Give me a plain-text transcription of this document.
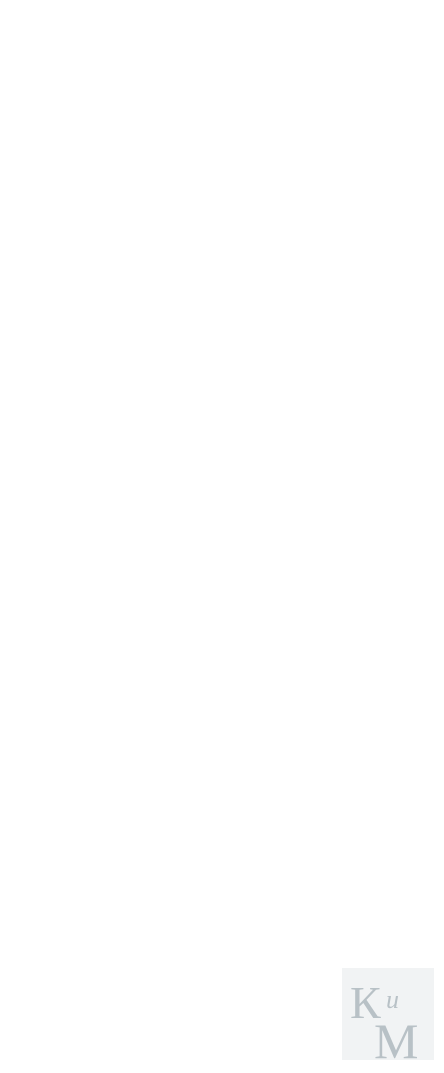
К и
М
